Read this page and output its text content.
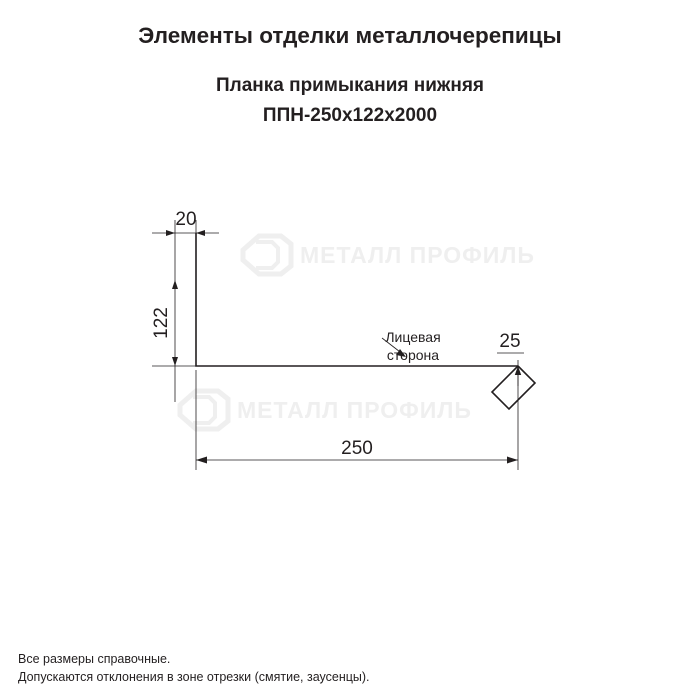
Элементы отделки металлочерепицы
Планка примыкания нижняя
ППН-250x122x2000
МЕТАЛЛ ПРОФИЛЬ
МЕТАЛЛ ПРОФИЛЬ
20
122
250
25
Лицевая
сторона

Все размеры справочные.

Допускаются отклонения в зоне отрезки (смятие, заусенцы).
